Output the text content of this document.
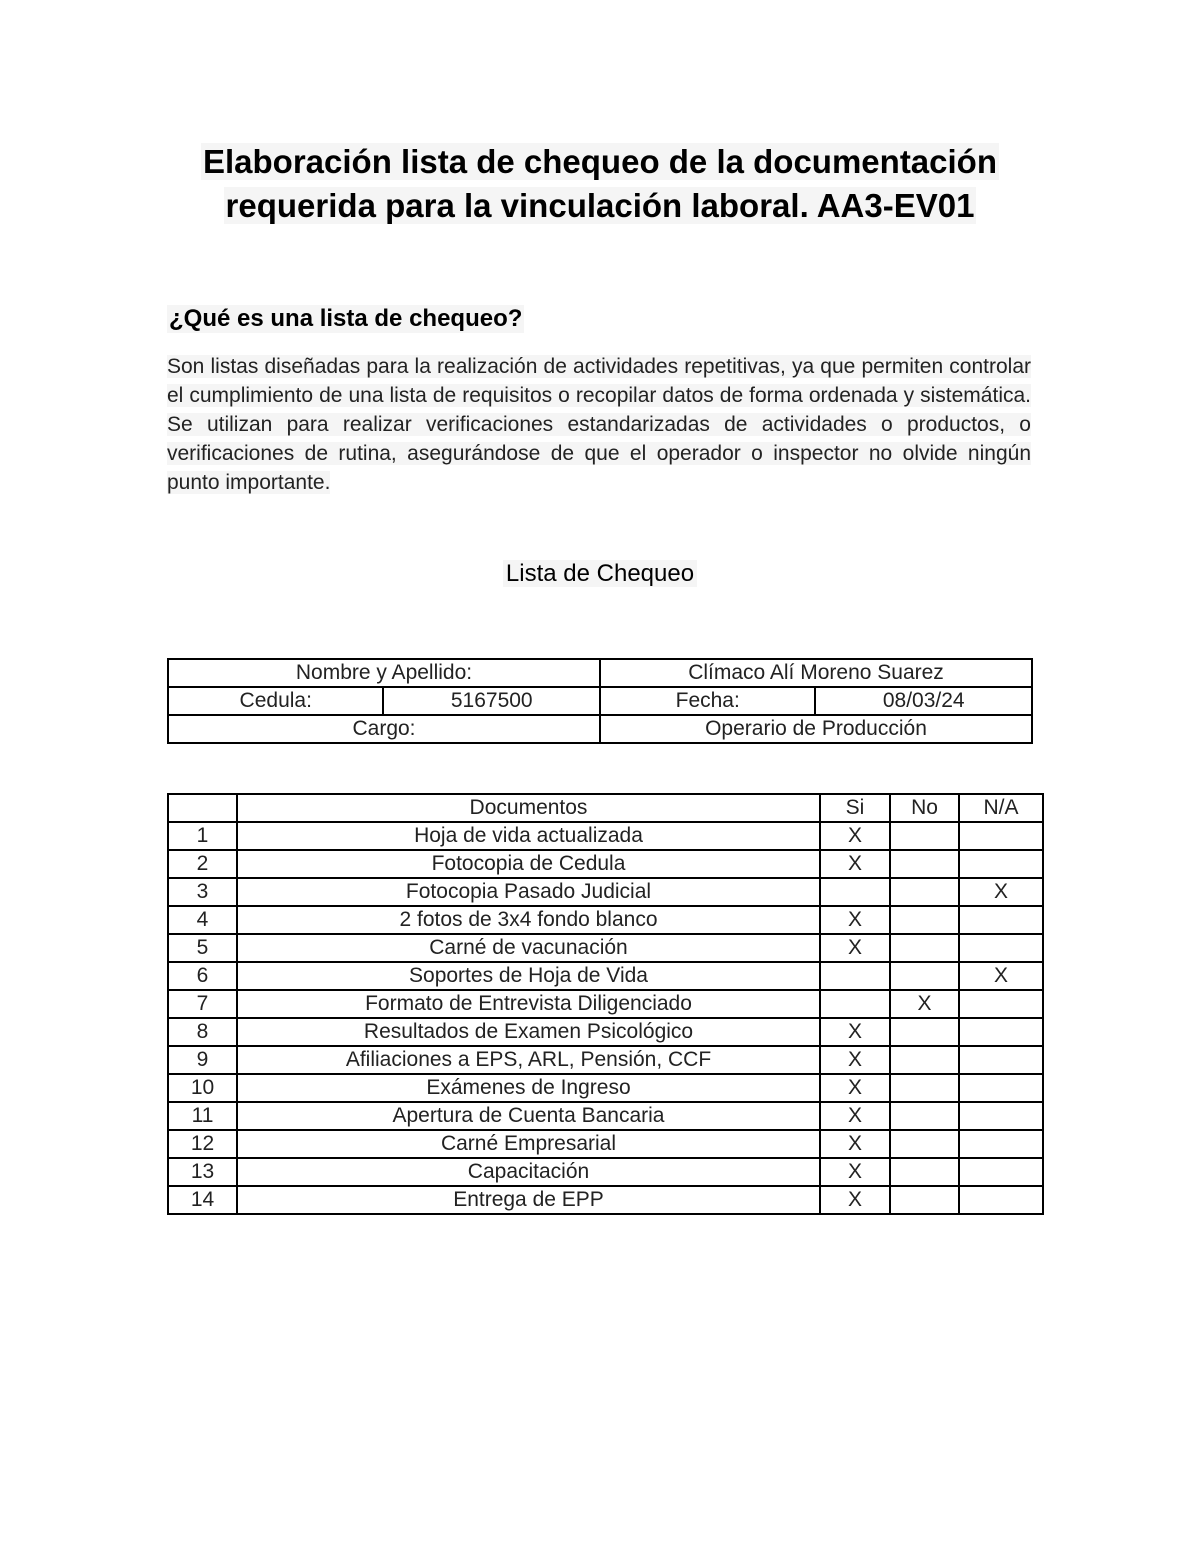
Elaboración lista de chequeo de la documentación
requerida para la vinculación laboral. AA3-EV01
¿Qué es una lista de chequeo?
Son listas diseñadas para la realización de actividades repetitivas, ya que permiten controlar el cumplimiento de una lista de requisitos o recopilar datos de forma ordenada y sistemática. Se utilizan para realizar verificaciones estandarizadas de actividades o productos, o verificaciones de rutina, asegurándose de que el operador o inspector no olvide ningún punto importante.
Lista de Chequeo
Nombre y Apellido:		Clímaco Alí Moreno Suarez	
Cedula:	5167500	Fecha:	08/03/24
Cargo:		Operario de Producción	
	Documentos	Si	No	N/A
1	Hoja de vida actualizada	X		
2	Fotocopia de Cedula	X		
3	Fotocopia Pasado Judicial			X
4	2 fotos de 3x4 fondo blanco	X		
5	Carné de vacunación	X		
6	Soportes de Hoja de Vida			X
7	Formato de Entrevista Diligenciado		X	
8	Resultados de Examen Psicológico	X		
9	Afiliaciones a EPS, ARL, Pensión, CCF	X		
10	Exámenes de Ingreso	X		
11	Apertura de Cuenta Bancaria	X		
12	Carné Empresarial	X		
13	Capacitación	X		
14	Entrega de EPP	X		
